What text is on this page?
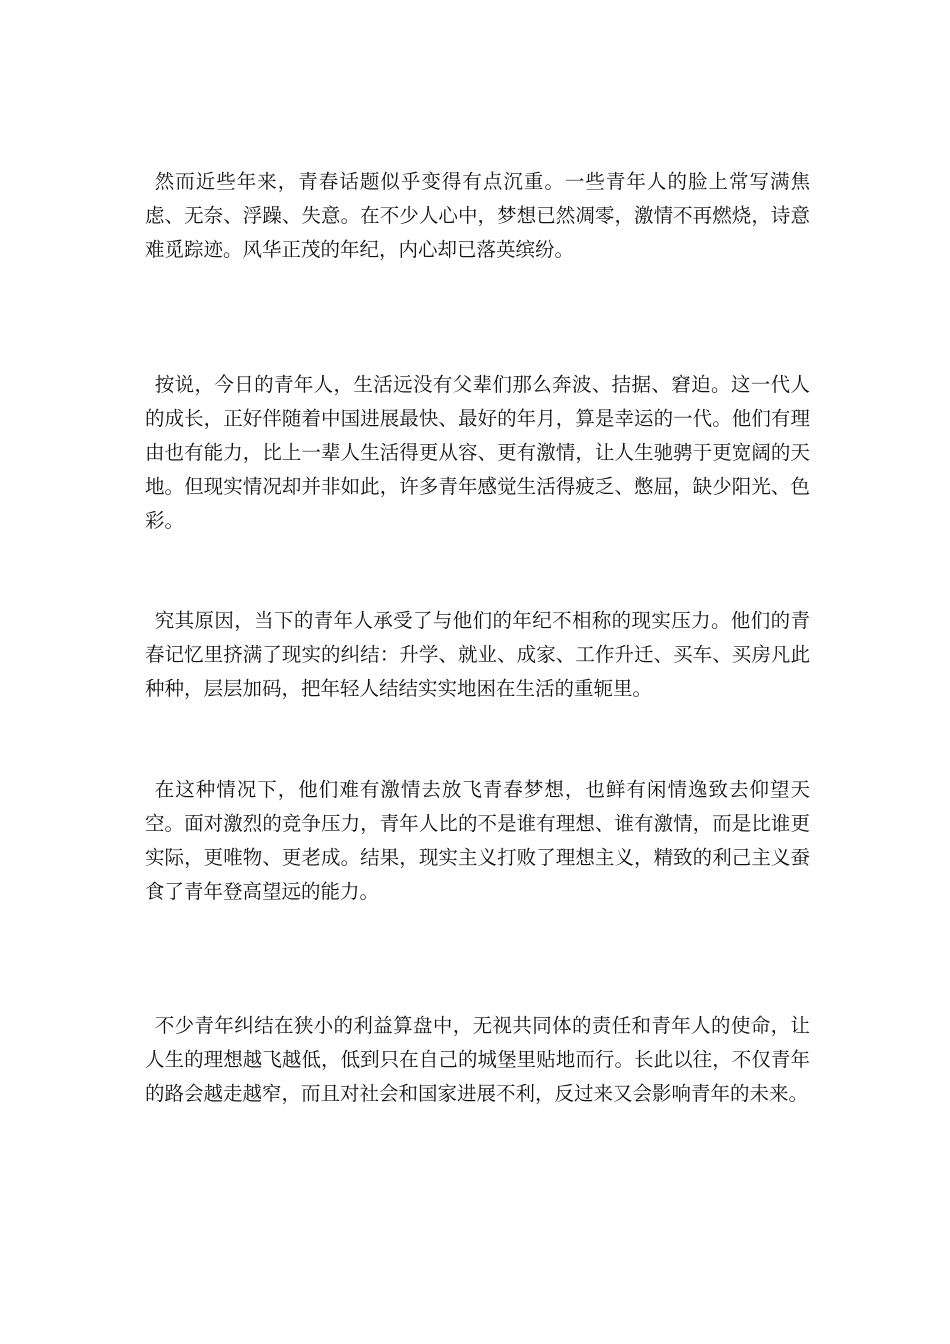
然而近些年来，青春话题似乎变得有点沉重。一些青年人的脸上常写满焦虑、无奈、浮躁、失意。在不少人心中，梦想已然凋零，激情不再燃烧，诗意难觅踪迹。风华正茂的年纪，内心却已落英缤纷。

按说，今日的青年人，生活远没有父辈们那么奔波、拮据、窘迫。这一代人的成长，正好伴随着中国进展最快、最好的年月，算是幸运的一代。他们有理由也有能力，比上一辈人生活得更从容、更有激情，让人生驰骋于更宽阔的天地。但现实情况却并非如此，许多青年感觉生活得疲乏、憋屈，缺少阳光、色彩。

究其原因，当下的青年人承受了与他们的年纪不相称的现实压力。他们的青春记忆里挤满了现实的纠结：升学、就业、成家、工作升迁、买车、买房凡此种种，层层加码，把年轻人结结实实地困在生活的重轭里。

在这种情况下，他们难有激情去放飞青春梦想，也鲜有闲情逸致去仰望天空。面对激烈的竞争压力，青年人比的不是谁有理想、谁有激情，而是比谁更实际，更唯物、更老成。结果，现实主义打败了理想主义，精致的利己主义蚕食了青年登高望远的能力。

不少青年纠结在狭小的利益算盘中，无视共同体的责任和青年人的使命，让人生的理想越飞越低，低到只在自己的城堡里贴地而行。长此以往，不仅青年的路会越走越窄，而且对社会和国家进展不利，反过来又会影响青年的未来。
